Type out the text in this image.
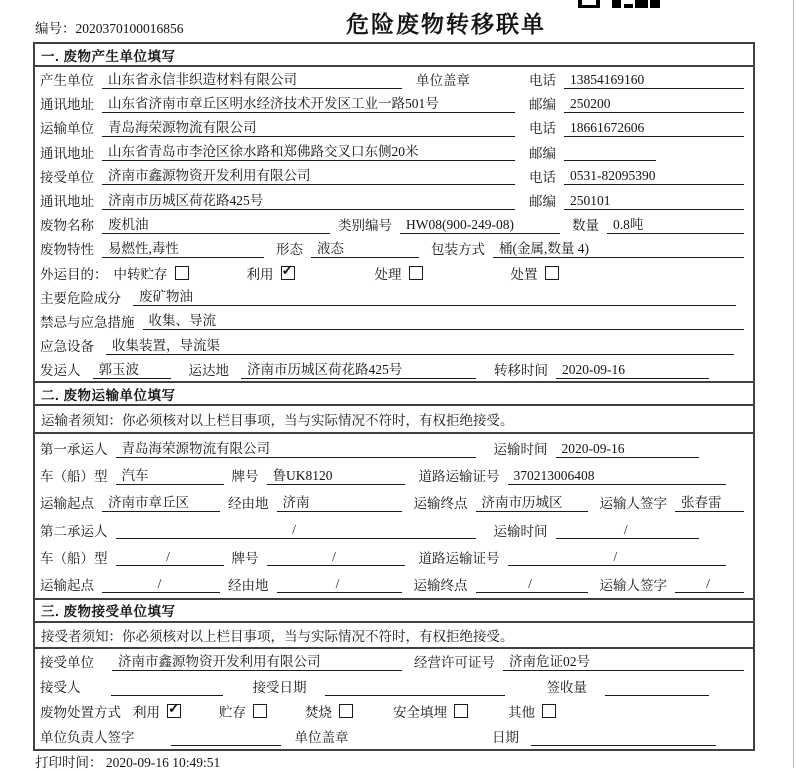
编号：2020370100016856	危险废物转移联单
一. 废物产生单位填写
产生单位	山东省永信非织造材料有限公司	单位盖章	电话	13854169160
通讯地址	山东省济南市章丘区明水经济技术开发区工业一路501号	邮编	250200
运输单位	青岛海荣源物流有限公司	电话	18661672606
通讯地址	山东省青岛市李沧区徐水路和郑佛路交叉口东侧20米	邮编
接受单位	济南市鑫源物资开发利用有限公司	电话	0531-82095390
通讯地址	济南市历城区荷花路425号	邮编	250101
废物名称	废机油	类别编号	HW08(900-249-08)	数量	0.8吨
废物特性	易燃性,毒性	形态	液态	包装方式	桶(金属,数量 4)
外运目的： 中转贮存	利用 ✓	处理	处置
主要危险成分	废矿物油
禁忌与应急措施	收集、导流
应急设备	收集装置，导流渠
发运人	郭玉波	运达地	济南市历城区荷花路425号	转移时间	2020-09-16
二. 废物运输单位填写
运输者须知： 你必须核对以上栏目事项，当与实际情况不符时，有权拒绝接受。
第一承运人	青岛海荣源物流有限公司	运输时间	2020-09-16
车（船）型	汽车	牌号	鲁UK8120	道路运输证号	370213006408
运输起点	济南市章丘区	经由地	济南	运输终点	济南市历城区	运输人签字	张春雷
第二承运人	/	运输时间	/
车（船）型	/	牌号	/	道路运输证号	/
运输起点	/	经由地	/	运输终点	/	运输人签字	/
三. 废物接受单位填写
接受者须知： 你必须核对以上栏目事项，当与实际情况不符时，有权拒绝接受。
接受单位	济南市鑫源物资开发利用有限公司	经营许可证号	济南危证02号
接受人	接受日期	签收量
废物处置方式 利用 ✓	贮存	焚烧	安全填埋	其他
单位负责人签字	单位盖章	日期
打印时间： 2020-09-16 10:49:51
